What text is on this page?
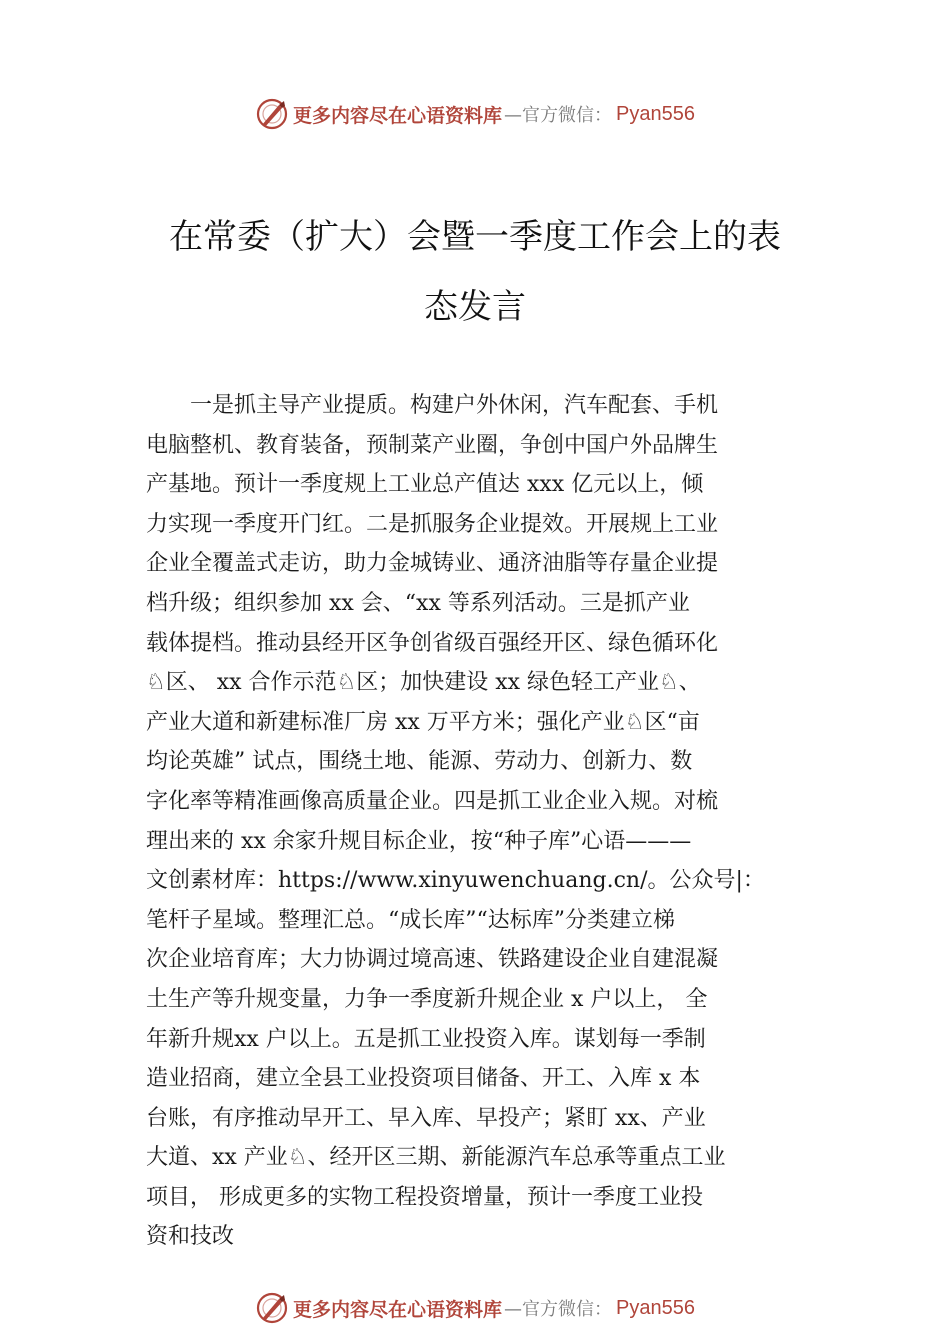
更多内容尽在心语资料库 —官方微信： Pyan556
在常委（扩大）会暨一季度工作会上的表
态发言
　　一是抓主导产业提质。构建户外休闲，汽车配套、手机
电脑整机、教育装备，预制菜产业圈，争创中国户外品牌生
产基地。预计一季度规上工业总产值达 xxx 亿元以上，倾
力实现一季度开门红。二是抓服务企业提效。开展规上工业
企业全覆盖式走访，助力金城铸业、通济油脂等存量企业提
档升级；组织参加 xx 会、“xx 等系列活动。三是抓产业
载体提档。推动县经开区争创省级百强经开区、绿色循环化
♘区、 xx 合作示范♘区；加快建设 xx 绿色轻工产业♘、
产业大道和新建标准厂房 xx 万平方米；强化产业♘区“亩
均论英雄” 试点，围绕土地、能源、劳动力、创新力、数
字化率等精准画像高质量企业。四是抓工业企业入规。对梳
理出来的 xx 余家升规目标企业，按“种子库”心语———
文创素材库：https://www.xinyuwenchuang.cn/。公众号|：
笔杆子星域。整理汇总。“成长库”“达标库”分类建立梯
次企业培育库；大力协调过境高速、铁路建设企业自建混凝
土生产等升规变量，力争一季度新升规企业 x 户以上， 全
年新升规xx 户以上。五是抓工业投资入库。谋划每一季制
造业招商，建立全县工业投资项目储备、开工、入库 x 本
台账，有序推动早开工、早入库、早投产；紧盯 xx、产业
大道、xx 产业♘、经开区三期、新能源汽车总承等重点工业
项目， 形成更多的实物工程投资增量，预计一季度工业投
资和技改
更多内容尽在心语资料库 —官方微信： Pyan556
